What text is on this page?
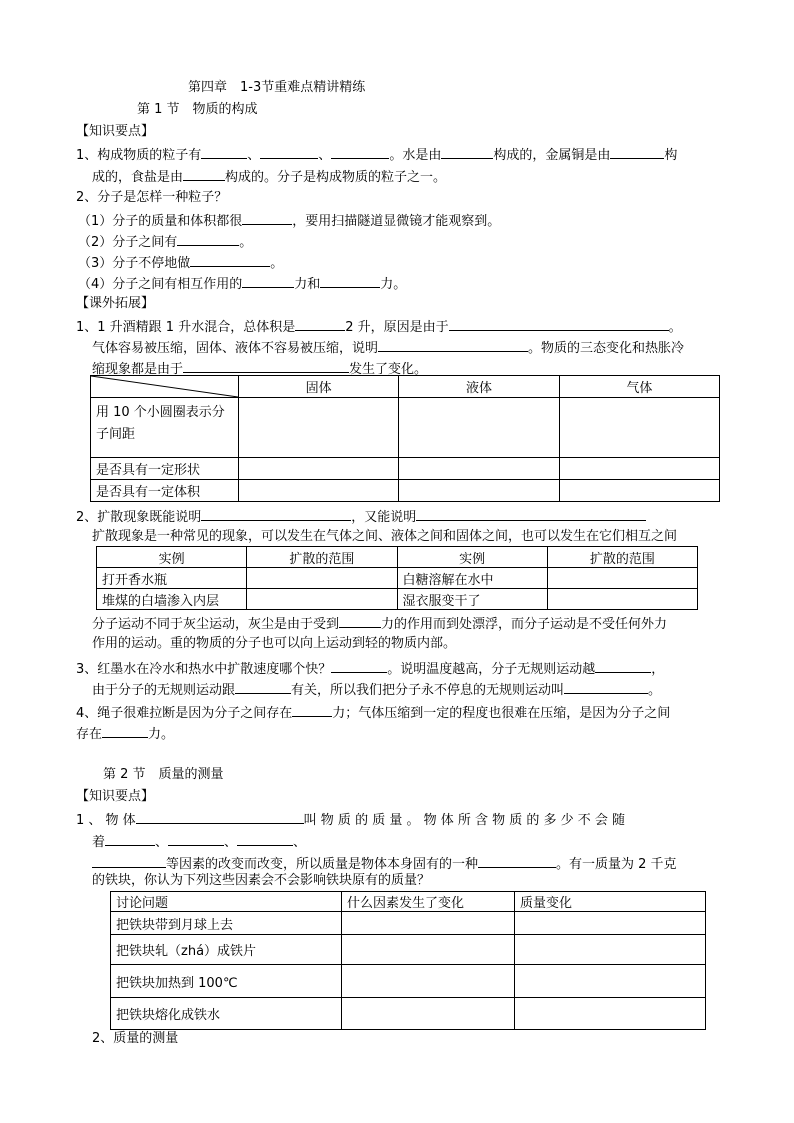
第四章　1-3节重难点精讲精练
第 1 节　物质的构成
【知识要点】
1、构成物质的粒子有	、	、	。水是由	构成的，金属铜是由	构
成的，食盐是由	构成的。分子是构成物质的粒子之一。
2、分子是怎样一种粒子？
（1）分子的质量和体积都很	，要用扫描隧道显微镜才能观察到。
（2）分子之间有	。
（3）分子不停地做	。
（4）分子之间有相互作用的	力和	力。
【课外拓展】
1、1 升酒精跟 1 升水混合，总体积是	2 升，原因是由于	。
气体容易被压缩，固体、液体不容易被压缩，说明	。物质的三态变化和热胀冷
缩现象都是由于	发生了变化。
	固体	液体	气体
用 10 个小圆圈表示分子间距			
是否具有一定形状			
是否具有一定体积			
2、扩散现象既能说明	，又能说明
扩散现象是一种常见的现象，可以发生在气体之间、液体之间和固体之间，也可以发生在它们相互之间
实例	扩散的范围	实例	扩散的范围
打开香水瓶		白糖溶解在水中	
堆煤的白墙渗入内层		湿衣服变干了	
分子运动不同于灰尘运动，灰尘是由于受到	力的作用而到处漂浮，而分子运动是不受任何外力
作用的运动。重的物质的分子也可以向上运动到轻的物质内部。
3、红墨水在冷水和热水中扩散速度哪个快？	。说明温度越高，分子无规则运动越	，
由于分子的无规则运动跟	有关，所以我们把分子永不停息的无规则运动叫	。
4、绳子很难拉断是因为分子之间存在	力；气体压缩到一定的程度也很难在压缩，是因为分子之间
存在	力。
第 2 节　质量的测量
【知识要点】
1 、 物 体	叫 物 质 的 质 量 。 物 体 所 含 物 质 的 多 少 不 会 随
着	、	、	、
等因素的改变而改变，所以质量是物体本身固有的一种	。有一质量为 2 千克
的铁块，你认为下列这些因素会不会影响铁块原有的质量？
讨论问题	什么因素发生了变化	质量变化
把铁块带到月球上去		
把铁块轧（zhá）成铁片		
把铁块加热到 100℃		
把铁块熔化成铁水		
2、质量的测量
